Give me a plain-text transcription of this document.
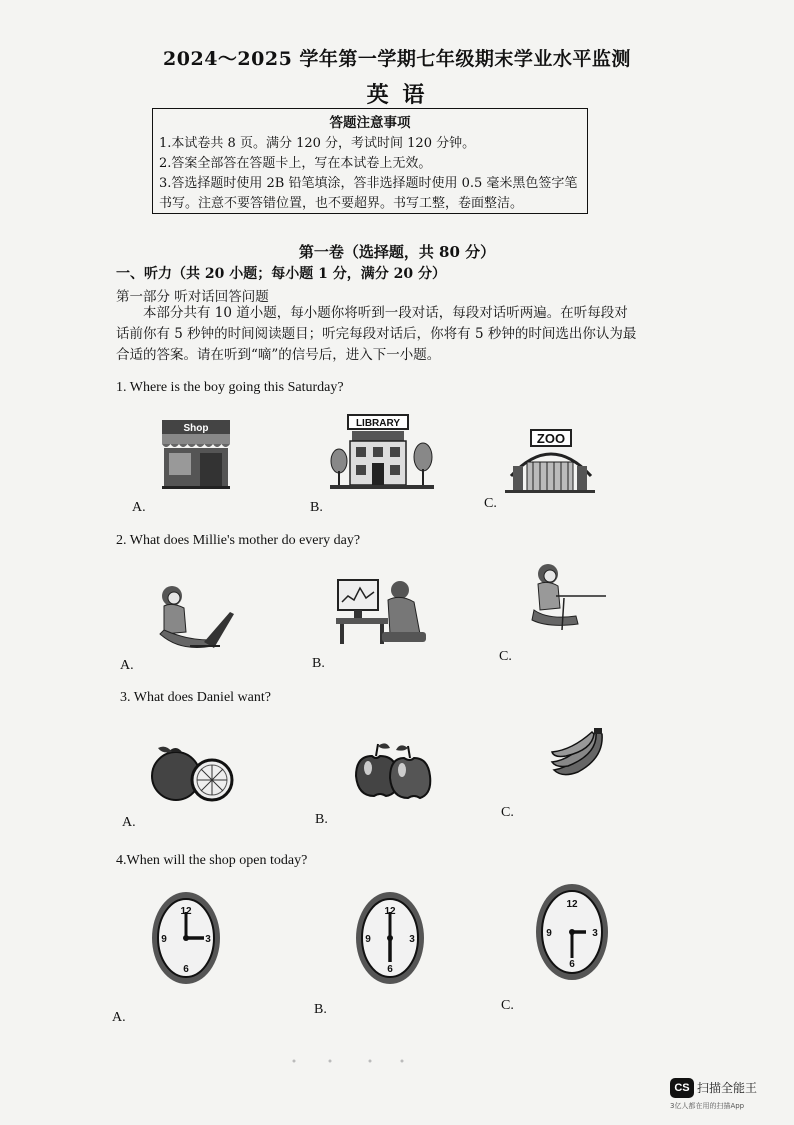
2024～2025 学年第一学期七年级期末学业水平监测
英 语
答题注意事项
1.本试卷共 8 页。满分 120 分，考试时间 120 分钟。
2.答案全部答在答题卡上，写在本试卷上无效。
3.答选择题时使用 2B 铅笔填涂，答非选择题时使用 0.5 毫米黑色签字笔
书写。注意不要答错位置，也不要超界。书写工整，卷面整洁。
第一卷（选择题，共 80 分）
一、听力（共 20 小题；每小题 1 分，满分 20 分）
第一部分 听对话回答问题
本部分共有 10 道小题，每小题你将听到一段对话，每段对话听两遍。在听每段对话前你有 5 秒钟的时间阅读题目；听完每段对话后，你将有 5 秒钟的时间选出你认为最合适的答案。请在听到“嘀”的信号后，进入下一小题。
1. Where is the boy going this Saturday?
Shop	LIBRARY
ZOO
A.	B.	C.
2. What does Millie's mother do every day?
A.	B.	C.
3. What does Daniel want?
A.	B.	C.
4.When will the shop open today?
12
3
6
9
12
3
6
9
12
3
6
9
A.
B.	C.
CS 扫描全能王
3亿人都在用的扫描App
